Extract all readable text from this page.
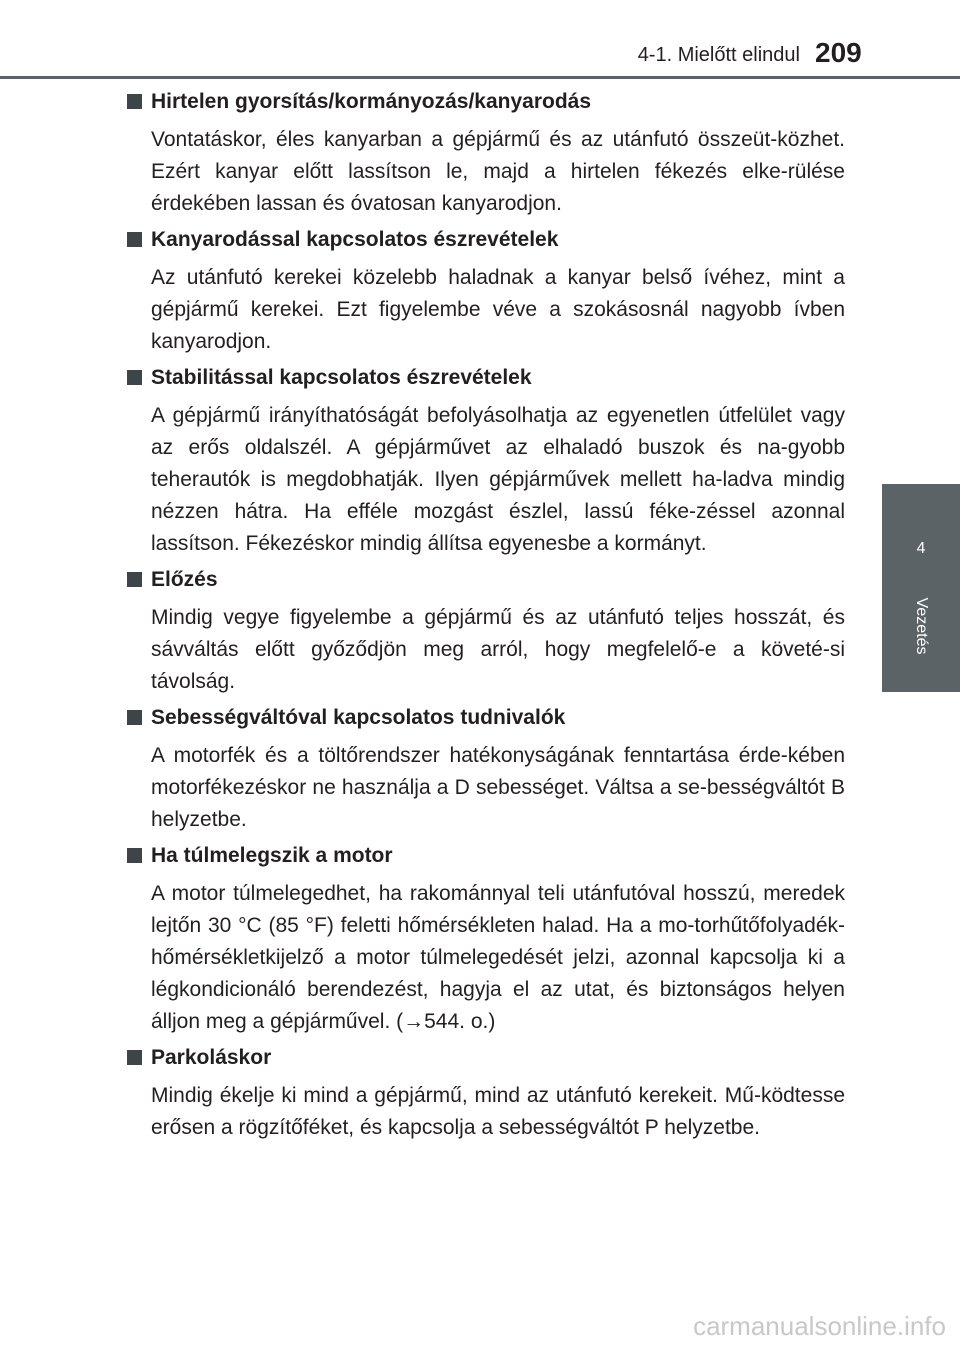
4-1. Mielőtt elindul 209
4
Vezetés
Hirtelen gyorsítás/kormányozás/kanyarodás

Vontatáskor, éles kanyarban a gépjármű és az utánfutó összeüt-közhet. Ezért kanyar előtt lassítson le, majd a hirtelen fékezés elke-rülése érdekében lassan és óvatosan kanyarodjon.

Kanyarodással kapcsolatos észrevételek

Az utánfutó kerekei közelebb haladnak a kanyar belső ívéhez, mint a gépjármű kerekei. Ezt figyelembe véve a szokásosnál nagyobb ívben kanyarodjon.

Stabilitással kapcsolatos észrevételek

A gépjármű irányíthatóságát befolyásolhatja az egyenetlen útfelület vagy az erős oldalszél. A gépjárművet az elhaladó buszok és na-gyobb teherautók is megdobhatják. Ilyen gépjárművek mellett ha-ladva mindig nézzen hátra. Ha efféle mozgást észlel, lassú féke-zéssel azonnal lassítson. Fékezéskor mindig állítsa egyenesbe a kormányt.

Előzés

Mindig vegye figyelembe a gépjármű és az utánfutó teljes hosszát, és sávváltás előtt győződjön meg arról, hogy megfelelő-e a követé-si távolság.

Sebességváltóval kapcsolatos tudnivalók

A motorfék és a töltőrendszer hatékonyságának fenntartása érde-kében motorfékezéskor ne használja a D sebességet. Váltsa a se-bességváltót B helyzetbe.

Ha túlmelegszik a motor

A motor túlmelegedhet, ha rakománnyal teli utánfutóval hosszú, meredek lejtőn 30 °C (85 °F) feletti hőmérsékleten halad. Ha a mo-torhűtőfolyadék-hőmérsékletkijelző a motor túlmelegedését jelzi, azonnal kapcsolja ki a légkondicionáló berendezést, hagyja el az utat, és biztonságos helyen álljon meg a gépjárművel. (→544. o.)

Parkoláskor

Mindig ékelje ki mind a gépjármű, mind az utánfutó kerekeit. Mű-ködtesse erősen a rögzítőféket, és kapcsolja a sebességváltót P helyzetbe.

carmanualsonline.info
